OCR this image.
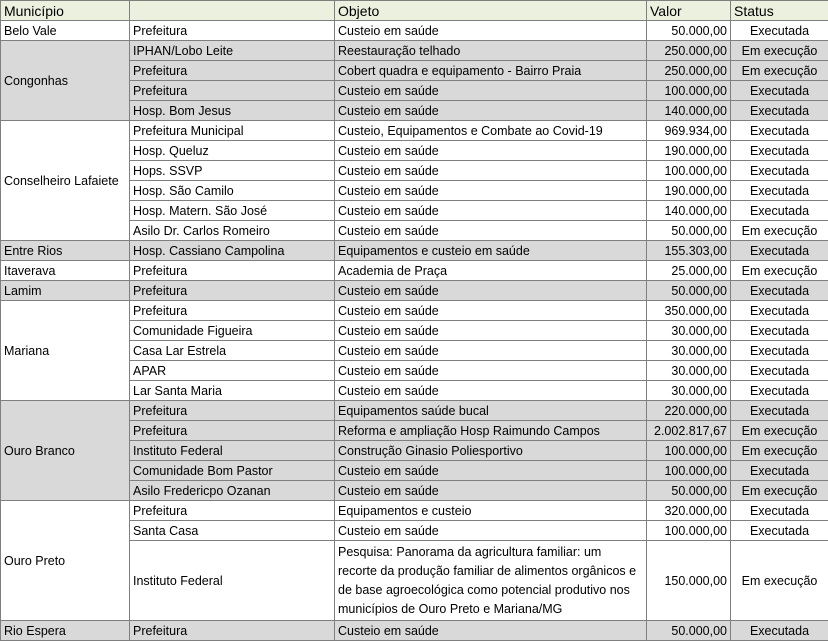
Município		Objeto	Valor	Status
Belo Vale	Prefeitura	Custeio em saúde	50.000,00	Executada
Congonhas	IPHAN/Lobo Leite	Reestauração telhado	250.000,00	Em execução
	Prefeitura	Cobert quadra e equipamento - Bairro Praia	250.000,00	Em execução
	Prefeitura	Custeio em saúde	100.000,00	Executada
	Hosp. Bom Jesus	Custeio em saúde	140.000,00	Executada
Conselheiro Lafaiete	Prefeitura Municipal	Custeio, Equipamentos e Combate ao Covid-19	969.934,00	Executada
	Hosp. Queluz	Custeio em saúde	190.000,00	Executada
	Hops. SSVP	Custeio em saúde	100.000,00	Executada
	Hosp. São Camilo	Custeio em saúde	190.000,00	Executada
	Hosp. Matern. São José	Custeio em saúde	140.000,00	Executada
	Asilo Dr. Carlos Romeiro	Custeio em saúde	50.000,00	Em execução
Entre Rios	Hosp. Cassiano Campolina	Equipamentos e custeio em saúde	155.303,00	Executada
Itaverava	Prefeitura	Academia de Praça	25.000,00	Em execução
Lamim	Prefeitura	Custeio em saúde	50.000,00	Executada
Mariana	Prefeitura	Custeio em saúde	350.000,00	Executada
	Comunidade Figueira	Custeio em saúde	30.000,00	Executada
	Casa Lar Estrela	Custeio em saúde	30.000,00	Executada
	APAR	Custeio em saúde	30.000,00	Executada
	Lar Santa Maria	Custeio em saúde	30.000,00	Executada
Ouro Branco	Prefeitura	Equipamentos saúde bucal	220.000,00	Executada
	Prefeitura	Reforma e ampliação Hosp Raimundo Campos	2.002.817,67	Em execução
	Instituto Federal	Construção Ginasio Poliesportivo	100.000,00	Em execução
	Comunidade Bom Pastor	Custeio em saúde	100.000,00	Executada
	Asilo Fredericpo Ozanan	Custeio em saúde	50.000,00	Em execução
Ouro Preto	Prefeitura	Equipamentos e custeio	320.000,00	Executada
	Santa Casa	Custeio em saúde	100.000,00	Executada
	Instituto Federal	Pesquisa: Panorama da agricultura familiar: um recorte da produção familiar de alimentos orgânicos e de base agroecológica como potencial produtivo nos municípios de Ouro Preto e Mariana/MG	150.000,00	Em execução
Rio Espera	Prefeitura	Custeio em saúde	50.000,00	Executada
